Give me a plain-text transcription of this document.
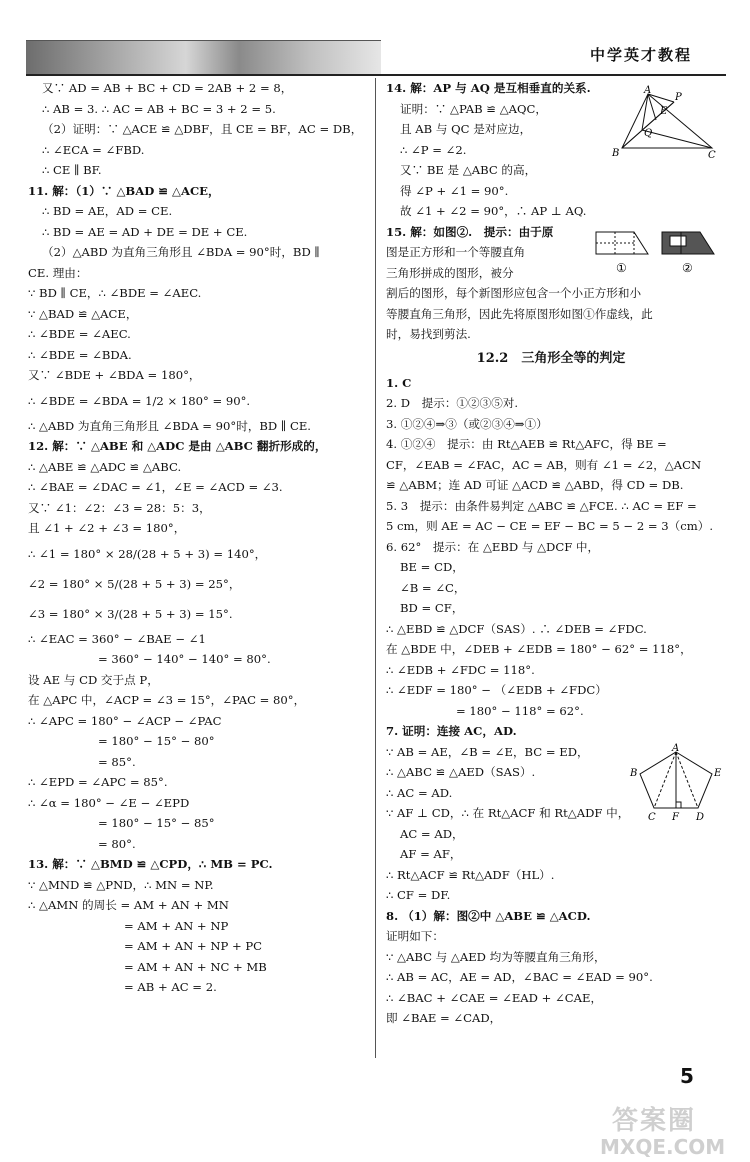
中学英才教程
又∵ AD = AB + BC + CD = 2AB + 2 = 8，
∴ AB = 3. ∴ AC = AB + BC = 3 + 2 = 5.
（2）证明：∵ △ACE ≌ △DBF，且 CE = BF，AC = DB，
∴ ∠ECA = ∠FBD.
∴ CE ∥ BF.
11. 解：（1）∵ △BAD ≌ △ACE，
∴ BD = AE，AD = CE.
∴ BD = AE = AD + DE = DE + CE.
（2）△ABD 为直角三角形且 ∠BDA = 90°时，BD ∥
CE. 理由：
∵ BD ∥ CE，∴ ∠BDE = ∠AEC.
∵ △BAD ≌ △ACE，
∴ ∠BDE = ∠AEC.
∴ ∠BDE = ∠BDA.
又∵ ∠BDE + ∠BDA = 180°，
∴ ∠BDE = ∠BDA = 1/2 × 180° = 90°.
∴ △ABD 为直角三角形且 ∠BDA = 90°时，BD ∥ CE.
12. 解：∵ △ABE 和 △ADC 是由 △ABC 翻折形成的，
∴ △ABE ≌ △ADC ≌ △ABC.
∴ ∠BAE = ∠DAC = ∠1，∠E = ∠ACD = ∠3.
又∵ ∠1：∠2：∠3 = 28：5：3，
且 ∠1 + ∠2 + ∠3 = 180°，
∴ ∠1 = 180° × 28/(28 + 5 + 3) = 140°，
∠2 = 180° × 5/(28 + 5 + 3) = 25°，
∠3 = 180° × 3/(28 + 5 + 3) = 15°.
∴ ∠EAC = 360° − ∠BAE − ∠1
= 360° − 140° − 140° = 80°.
设 AE 与 CD 交于点 P，
在 △APC 中，∠ACP = ∠3 = 15°，∠PAC = 80°，
∴ ∠APC = 180° − ∠ACP − ∠PAC
= 180° − 15° − 80°
= 85°.
∴ ∠EPD = ∠APC = 85°.
∴ ∠α = 180° − ∠E − ∠EPD
= 180° − 15° − 85°
= 80°.
13. 解：∵ △BMD ≌ △CPD，∴ MB = PC.
∵ △MND ≌ △PND，∴ MN = NP.
∴ △AMN 的周长 = AM + AN + MN
= AM + AN + NP
= AM + AN + NP + PC
= AM + AN + NC + MB
= AB + AC = 2.
14. 解：AP 与 AQ 是互相垂直的关系.
证明：∵ △PAB ≌ △AQC，
且 AB 与 QC 是对应边，
∴ ∠P = ∠2.
又∵ BE 是 △ABC 的高，
得 ∠P + ∠1 = 90°.
故 ∠1 + ∠2 = 90°，∴ AP ⊥ AQ.
15. 解：如图②.　提示：由于原
图是正方形和一个等腰直角
三角形拼成的图形，被分
割后的图形，每个新图形应包含一个小正方形和小
等腰直角三角形，因此先将原图形如图①作虚线，此
时，易找到剪法.
12.2　三角形全等的判定
1. C
2. D　提示：①②③⑤对.
3. ①②④⇒③（或②③④⇒①）
4. ①②④　提示：由 Rt△AEB ≌ Rt△AFC，得 BE =
CF，∠EAB = ∠FAC，AC = AB，则有 ∠1 = ∠2，△ACN
≌ △ABM；连 AD 可证 △ACD ≌ △ABD，得 CD = DB.
5. 3　提示：由条件易判定 △ABC ≌ △FCE. ∴ AC = EF =
5 cm，则 AE = AC − CE = EF − BC = 5 − 2 = 3（cm）.
6. 62°　提示：在 △EBD 与 △DCF 中，
BE = CD，
∠B = ∠C，
BD = CF，
∴ △EBD ≌ △DCF（SAS）. ∴ ∠DEB = ∠FDC.
在 △BDE 中，∠DEB + ∠EDB = 180° − 62° = 118°，
∴ ∠EDB + ∠FDC = 118°.
∴ ∠EDF = 180° − （∠EDB + ∠FDC）
= 180° − 118° = 62°.
7. 证明：连接 AC，AD.
∵ AB = AE，∠B = ∠E，BC = ED，
∴ △ABC ≌ △AED（SAS）.
∴ AC = AD.
∵ AF ⊥ CD，∴ 在 Rt△ACF 和 Rt△ADF 中，
AC = AD，
AF = AF，
∴ Rt△ACF ≌ Rt△ADF（HL）.
∴ CF = DF.
8. （1）解：图②中 △ABE ≌ △ACD.
证明如下：
∵ △ABC 与 △AED 均为等腰直角三角形，
∴ AB = AC，AE = AD，∠BAC = ∠EAD = 90°.
∴ ∠BAC + ∠CAE = ∠EAD + ∠CAE，
即 ∠BAE = ∠CAD，
A
P
E
Q
B	C
①	②
A
B	E
C F D
5
答案圈
MXQE.COM
